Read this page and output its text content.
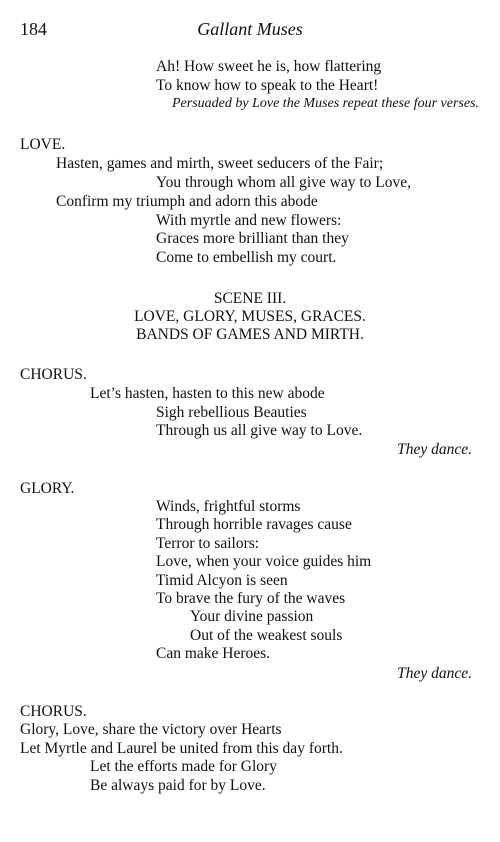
184	Gallant Muses
Ah! How sweet he is, how flattering
To know how to speak to the Heart!
Persuaded by Love the Muses repeat these four verses.
LOVE.
Hasten, games and mirth, sweet seducers of the Fair;
You through whom all give way to Love,
Confirm my triumph and adorn this abode
With myrtle and new flowers:
Graces more brilliant than they
Come to embellish my court.
SCENE III.
LOVE, GLORY, MUSES, GRACES.
BANDS OF GAMES AND MIRTH.
CHORUS.
Let’s hasten, hasten to this new abode
Sigh rebellious Beauties
Through us all give way to Love.
They dance.
GLORY.
Winds, frightful storms
Through horrible ravages cause
Terror to sailors:
Love, when your voice guides him
Timid Alcyon is seen
To brave the fury of the waves
Your divine passion
Out of the weakest souls
Can make Heroes.
They dance.
CHORUS.
Glory, Love, share the victory over Hearts
Let Myrtle and Laurel be united from this day forth.
Let the efforts made for Glory
Be always paid for by Love.
